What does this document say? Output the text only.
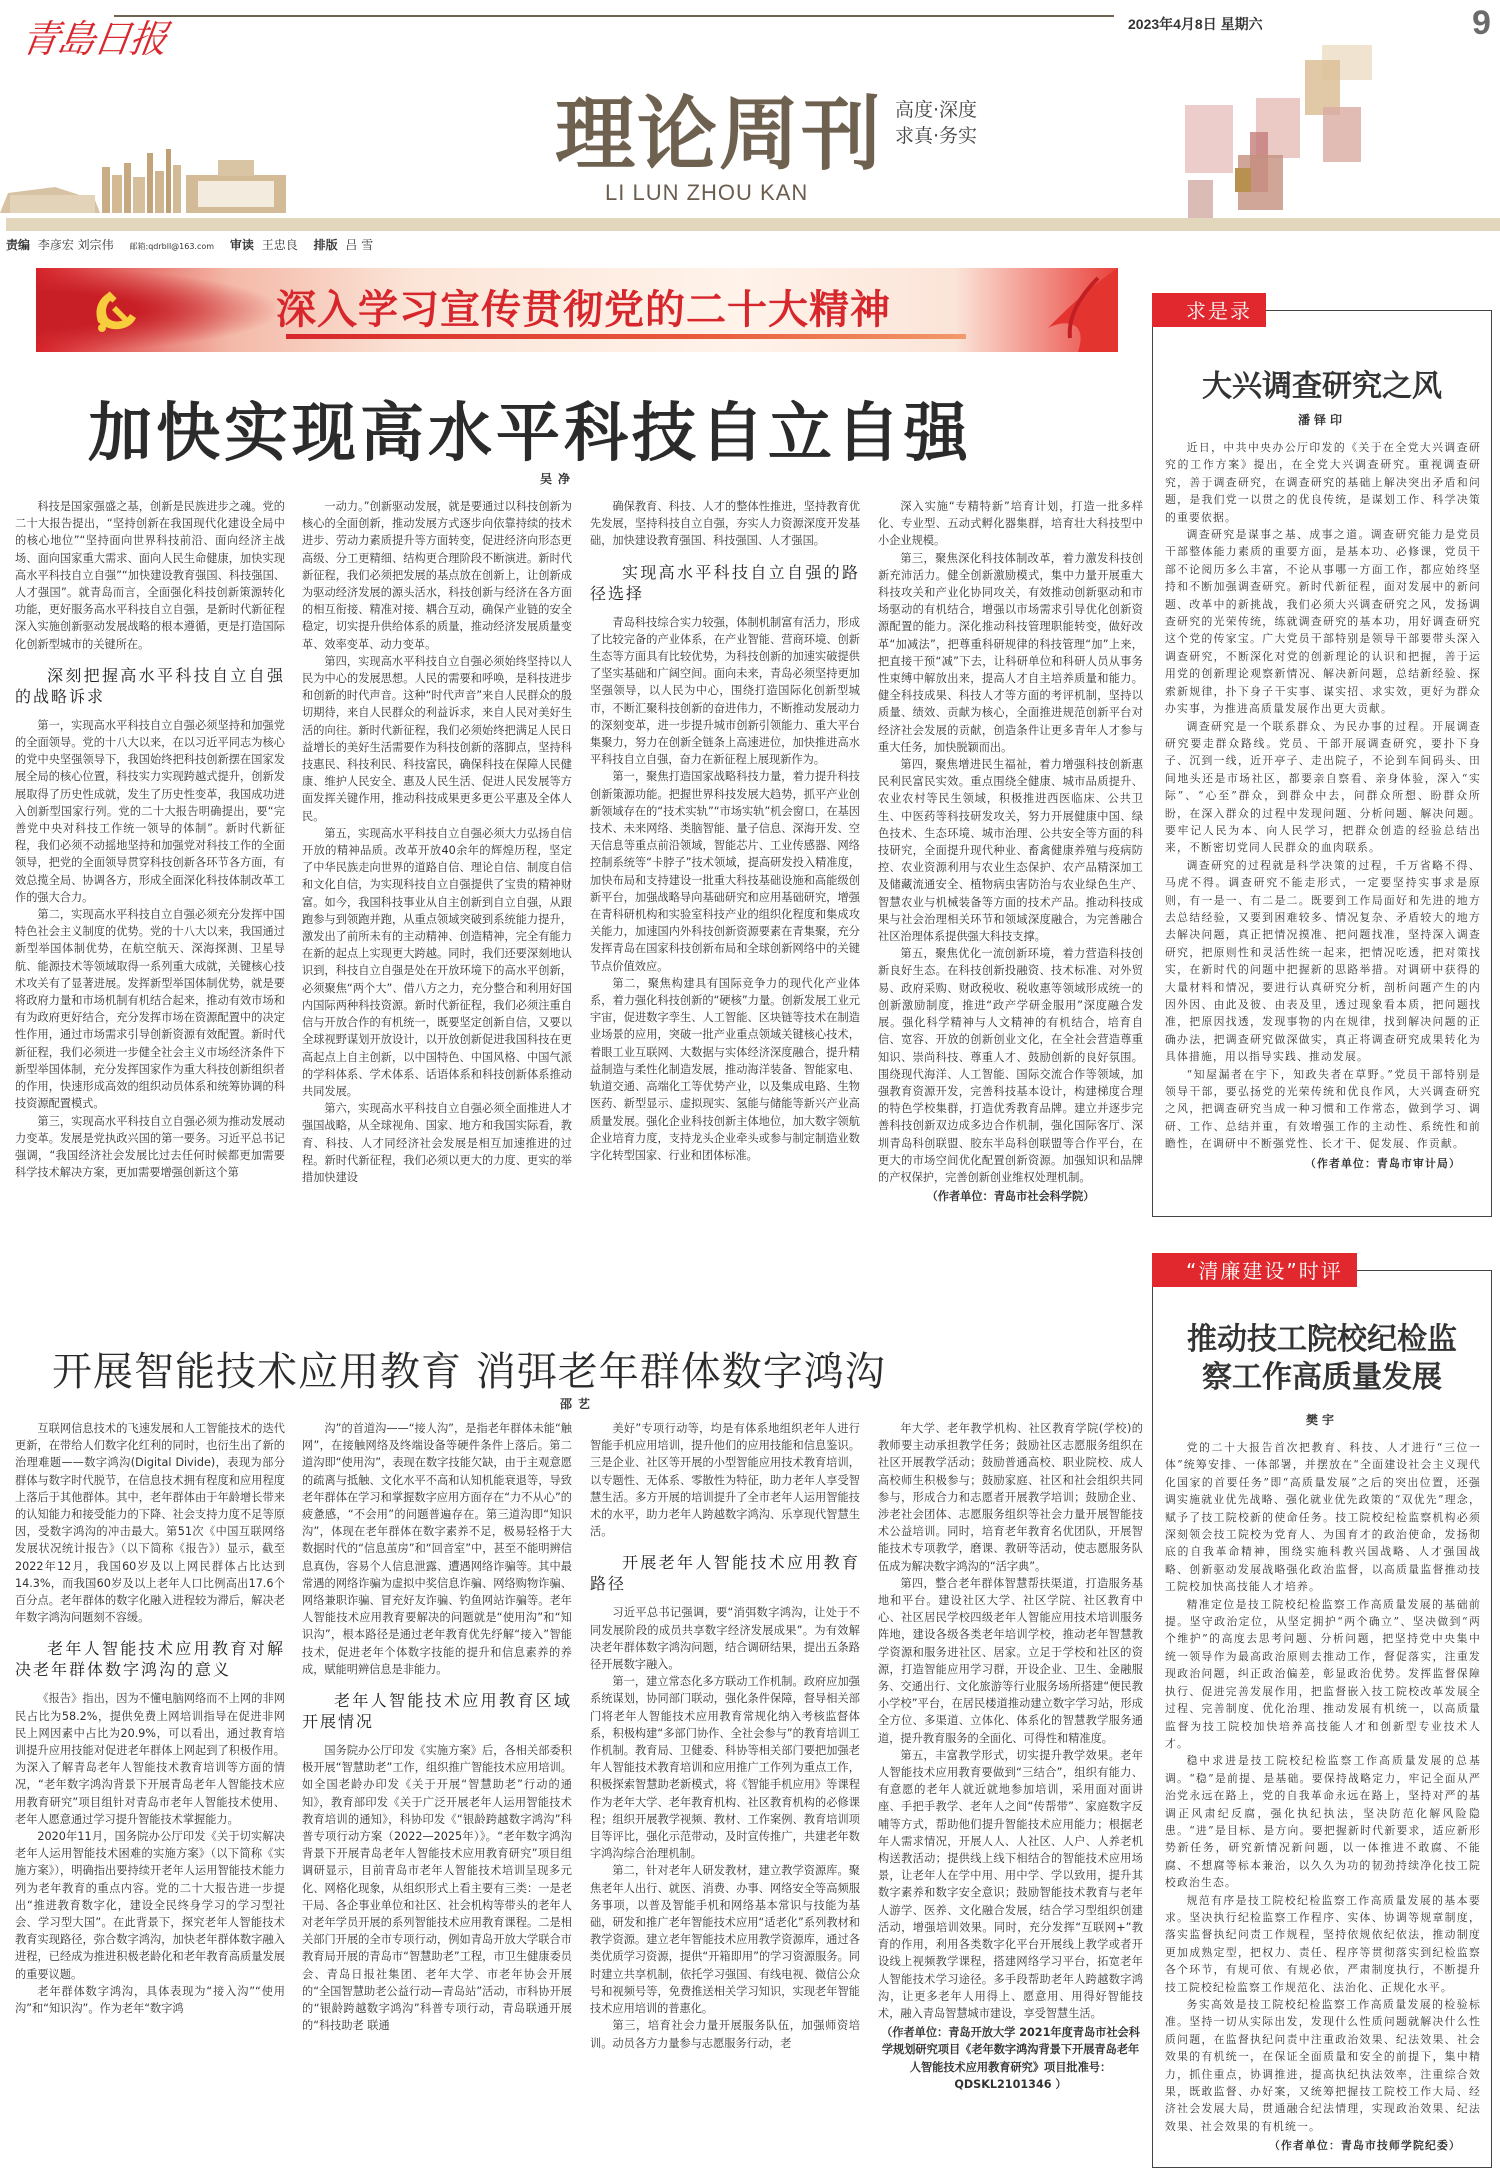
青島日报	2023年4月8日 星期六	9
理论周刊 高度·深度
求真·务实
LI LUN ZHOU KAN
责编 李彦宏 刘宗伟 邮箱:qdrbll@163.com 审读 王忠良 排版 吕 雪
深入学习宣传贯彻党的二十大精神
加快实现高水平科技自立自强
吴净

科技是国家强盛之基，创新是民族进步之魂。党的二十大报告提出，“坚持创新在我国现代化建设全局中的核心地位”“坚持面向世界科技前沿、面向经济主战场、面向国家重大需求、面向人民生命健康，加快实现高水平科技自立自强”“加快建设教育强国、科技强国、人才强国”。就青岛而言，全面强化科技创新策源转化功能，更好服务高水平科技自立自强，是新时代新征程深入实施创新驱动发展战略的根本遵循，更是打造国际化创新型城市的关键所在。

深刻把握高水平科技自立自强的战略诉求

第一，实现高水平科技自立自强必须坚持和加强党的全面领导。党的十八大以来，在以习近平同志为核心的党中央坚强领导下，我国始终把科技创新摆在国家发展全局的核心位置，科技实力实现跨越式提升，创新发展取得了历史性成就，发生了历史性变革，我国成功进入创新型国家行列。党的二十大报告明确提出，要“完善党中央对科技工作统一领导的体制”。新时代新征程，我们必须不动摇地坚持和加强党对科技工作的全面领导，把党的全面领导贯穿科技创新各环节各方面，有效总揽全局、协调各方，形成全面深化科技体制改革工作的强大合力。

第二，实现高水平科技自立自强必须充分发挥中国特色社会主义制度的优势。党的十八大以来，我国通过新型举国体制优势，在航空航天、深海探测、卫星导航、能源技术等领域取得一系列重大成就，关键核心技术攻关有了显著进展。发挥新型举国体制优势，就是要将政府力量和市场机制有机结合起来，推动有效市场和有为政府更好结合，充分发挥市场在资源配置中的决定性作用，通过市场需求引导创新资源有效配置。新时代新征程，我们必须进一步健全社会主义市场经济条件下新型举国体制，充分发挥国家作为重大科技创新组织者的作用，快速形成高效的组织动员体系和统筹协调的科技资源配置模式。

第三，实现高水平科技自立自强必须为推动发展动力变革。发展是党执政兴国的第一要务。习近平总书记强调，“我国经济社会发展比过去任何时候都更加需要科学技术解决方案，更加需要增强创新这个第

一动力。”创新驱动发展，就是要通过以科技创新为核心的全面创新，推动发展方式逐步向依靠持续的技术进步、劳动力素质提升等方面转变，促进经济向形态更高级、分工更精细、结构更合理阶段不断演进。新时代新征程，我们必须把发展的基点放在创新上，让创新成为驱动经济发展的源头活水，科技创新与经济在各方面的相互衔接、精准对接、耦合互动，确保产业链的安全稳定，切实提升供给体系的质量，推动经济发展质量变革、效率变革、动力变革。

第四，实现高水平科技自立自强必须始终坚持以人民为中心的发展思想。人民的需要和呼唤，是科技进步和创新的时代声音。这种“时代声音”来自人民群众的殷切期待，来自人民群众的利益诉求，来自人民对美好生活的向往。新时代新征程，我们必须始终把满足人民日益增长的美好生活需要作为科技创新的落脚点，坚持科技惠民、科技利民、科技富民，确保科技在保障人民健康、维护人民安全、惠及人民生活、促进人民发展等方面发挥关键作用，推动科技成果更多更公平惠及全体人民。

第五，实现高水平科技自立自强必须大力弘扬自信开放的精神品质。改革开放40余年的辉煌历程，坚定了中华民族走向世界的道路自信、理论自信、制度自信和文化自信，为实现科技自立自强提供了宝贵的精神财富。如今，我国科技事业从自主创新到自立自强，从跟跑参与到领跑并跑，从重点领域突破到系统能力提升，激发出了前所未有的主动精神、创造精神，完全有能力在新的起点上实现更大跨越。同时，我们还要深刻地认识到，科技自立自强是处在开放环境下的高水平创新，必须聚焦“两个大”、借八方之力，充分整合和利用好国内国际两种科技资源。新时代新征程，我们必须注重自信与开放合作的有机统一，既要坚定创新自信，又要以全球视野谋划开放设计，以开放创新促进我国科技在更高起点上自主创新，以中国特色、中国风格、中国气派的学科体系、学术体系、话语体系和科技创新体系推动共同发展。

第六，实现高水平科技自立自强必须全面推进人才强国战略，从全球视角、国家、地方和我国实际看，教育、科技、人才同经济社会发展是相互加速推进的过程。新时代新征程，我们必须以更大的力度、更实的举措加快建设

确保教育、科技、人才的整体性推进，坚持教育优先发展，坚持科技自立自强，夯实人力资源深度开发基础，加快建设教育强国、科技强国、人才强国。

实现高水平科技自立自强的路径选择

青岛科技综合实力较强，体制机制富有活力，形成了比较完备的产业体系，在产业智能、营商环境、创新生态等方面具有比较优势，为科技创新的加速实破提供了坚实基础和广阔空间。面向未来，青岛必须坚持更加坚强领导，以人民为中心，围绕打造国际化创新型城市，不断汇聚科技创新的奋进伟力，不断推动发展动力的深刻变革，进一步提升城市创新引领能力、重大平台集聚力，努力在创新全链条上高速进位，加快推进高水平科技自立自强，奋力在新征程上展现新作为。

第一，聚焦打造国家战略科技力量，着力提升科技创新策源功能。把握世界科技发展大趋势，抓平产业创新领域存在的“技术实轨”“市场实轨”机会窗口，在基因技术、未来网络、类脑智能、量子信息、深海开发、空天信息等重点前沿领域，智能芯片、工业传感器、网络控制系统等“卡脖子”技术领域，提高研发投入精准度，加快布局和支持建设一批重大科技基础设施和高能级创新平台，加强战略导向基础研究和应用基础研究，增强在青科研机构和实验室科技产业的组织化程度和集成攻关能力，加速国内外科技创新资源要素在青集聚，充分发挥青岛在国家科技创新布局和全球创新网络中的关键节点价值效应。

第二，聚焦构建具有国际竞争力的现代化产业体系，着力强化科技创新的“硬核”力量。创新发展工业元宇宙，促进数字孪生、人工智能、区块链等技术在制造业场景的应用，突破一批产业重点领域关键核心技术，着眼工业互联网、大数据与实体经济深度融合，提升精益制造与柔性化制造发展，推动海洋装备、智能家电、轨道交通、高端化工等优势产业，以及集成电路、生物医药、新型显示、虚拟现实、氢能与储能等新兴产业高质量发展。强化企业科技创新主体地位，加大数字领航企业培育力度，支持龙头企业牵头或参与制定制造业数字化转型国家、行业和团体标准。

深入实施“专精特新”培育计划，打造一批多样化、专业型、五动式孵化器集群，培育壮大科技型中小企业规模。

第三，聚焦深化科技体制改革，着力激发科技创新充沛活力。健全创新激励模式，集中力量开展重大科技攻关和产业化协同攻关，有效推动创新驱动和市场驱动的有机结合，增强以市场需求引导优化创新资源配置的能力。深化推动科技管理职能转变，做好改革“加减法”，把尊重科研规律的科技管理“加”上来，把直接干预“减”下去，让科研单位和科研人员从事务性束缚中解放出来，提高人才自主培养质量和能力。健全科技成果、科技人才等方面的考评机制，坚持以质量、绩效、贡献为核心，全面推进规范创新平台对经济社会发展的贡献，创造条件让更多青年人才参与重大任务，加快脱颖而出。

第四，聚焦增进民生福祉，着力增强科技创新惠民利民富民实效。重点围绕全健康、城市品质提升、农业农村等民生领域，积极推进西医临床、公共卫生、中医药等科技研发攻关，努力开展健康中国、绿色技术、生态环境、城市治理、公共安全等方面的科技研究，全面提升现代种业、畜禽健康养殖与疫病防控、农业资源利用与农业生态保护、农产品精深加工及储藏流通安全、植物病虫害防治与农业绿色生产、智慧农业与机械装备等方面的技术产品。推动科技成果与社会治理相关环节和领域深度融合，为完善融合社区治理体系提供强大科技支撑。

第五，聚焦优化一流创新环境，着力营造科技创新良好生态。在科技创新投融资、技术标准、对外贸易、政府采购、财政税收、税收惠等领域形成统一的创新激励制度，推进“政产学研金服用”深度融合发展。强化科学精神与人文精神的有机结合，培育自信、宽容、开放的创新创业文化，在全社会营造尊重知识、崇尚科技、尊重人才、鼓励创新的良好氛围。围绕现代海洋、人工智能、国际交流合作等领域，加强教育资源开发，完善科技基本设计，构建梯度合理的特色学校集群，打造优秀教育品牌。建立并逐步完善科技创新双边成多边合作机制，强化国际客厅、深圳青岛科创联盟、胶东半岛科创联盟等合作平台，在更大的市场空间优化配置创新资源。加强知识和品牌的产权保护，完善创新创业维权处理机制。

（作者单位：青岛市社会科学院）

开展智能技术应用教育 消弭老年群体数字鸿沟
邵艺

互联网信息技术的飞速发展和人工智能技术的迭代更新，在带给人们数字化红利的同时，也衍生出了新的治理难题——数字鸿沟(Digital Divide)，表现为部分群体与数字时代脱节，在信息技术拥有程度和应用程度上落后于其他群体。其中，老年群体由于年龄增长带来的认知能力和接受能力的下降、社会支持力度不足等原因，受数字鸿沟的冲击最大。第51次《中国互联网络发展状况统计报告》（以下简称《报告》）显示，截至2022年12月，我国60岁及以上网民群体占比达到14.3%，而我国60岁及以上老年人口比例高出17.6个百分点。老年群体的数字化融入进程较为滞后，解决老年数字鸿沟问题刻不容缓。

老年人智能技术应用教育对解决老年群体数字鸿沟的意义

《报告》指出，因为不懂电脑网络而不上网的非网民占比为58.2%，提供免费上网培训指导在促进非网民上网因素中占比为20.9%，可以看出，通过教育培训提升应用技能对促进老年群体上网起到了积极作用。为深入了解青岛老年人智能技术教育培训等方面的情况，“老年数字鸿沟背景下开展青岛老年人智能技术应用教育研究”项目组针对青岛市老年人智能技术使用、老年人愿意通过学习提升智能技术掌握能力。

2020年11月，国务院办公厅印发《关于切实解决老年人运用智能技术困难的实施方案》（以下简称《实施方案》），明确指出要持续开老年人运用智能技术能力列为老年教育的重点内容。党的二十大报告进一步提出“推进教育数字化，建设全民终身学习的学习型社会、学习型大国”。在此背景下，探究老年人智能技术教育实现路径，弥合数字鸿沟，加快老年群体数字融入进程，已经成为推进积极老龄化和老年教育高质量发展的重要议题。

老年群体数字鸿沟，具体表现为“接入沟”“使用沟”和“知识沟”。作为老年“数字鸿

沟”的首道沟——“接人沟”，是指老年群体未能“触网”，在接触网络及终端设备等硬件条件上落后。第二道沟即“使用沟”，表现在数字技能欠缺，由于主观意愿的疏离与抵触、文化水平不高和认知机能衰退等，导致老年群体在学习和掌握数字应用方面存在“力不从心”的疲惫感，“不会用”的问题普遍存在。第三道沟即“知识沟”，体现在老年群体在数字素养不足，极易轻格于大数据时代的“信息茧房”和“回音室”中，甚至不能明辨信息真伪，容易个人信息泄露、遭遇网络诈骗等。其中最常遇的网络诈骗为虚拟中奖信息诈骗、网络购物诈骗、网络兼职诈骗、冒充好友诈骗、钓鱼网站诈骗等。老年人智能技术应用教育要解决的问题就是“使用沟”和“知识沟”，根本路径是通过老年教育优先纾解“接入”智能技术，促进老年个体数字技能的提升和信息素养的养成，赋能明辨信息是非能力。

老年人智能技术应用教育区域开展情况

国务院办公厅印发《实施方案》后，各相关部委积极开展“智慧助老”工作，组织推广智能技术应用培训。如全国老龄办印发《关于开展“智慧助老”行动的通知》，教育部印发《关于广泛开展老年人运用智能技术教育培训的通知》，科协印发《“银龄跨越数字鸿沟”科普专项行动方案（2022—2025年）》。“老年数字鸿沟背景下开展青岛老年人智能技术应用教育研究”项目组调研显示，目前青岛市老年人智能技术培训呈现多元化、网格化现象，从组织形式上看主要有三类：一是老干局、各企事业单位和社区、社会机构等带头的老年人对老年学员开展的系列智能技术应用教育课程。二是相关部门开展的全市专项行动，例如青岛开放大学联合市教育局开展的青岛市“智慧助老”工程，市卫生健康委员会、青岛日报社集团、老年大学、市老年协会开展的“全国智慧助老公益行动—青岛站”活动，市科协开展的“银龄跨越数字鸿沟”科普专项行动，青岛联通开展的“科技助老 联通

美好”专项行动等，均是有体系地组织老年人进行智能手机应用培训，提升他们的应用技能和信息鉴识。三是企业、社区等开展的小型智能应用技术教育培训，以专题性、无体系、零散性为特征，助力老年人享受智慧生活。多方开展的培训提升了全市老年人运用智能技术的水平，助力老年人跨越数字鸿沟、乐享现代智慧生活。

开展老年人智能技术应用教育路径

习近平总书记强调，要“消弭数字鸿沟，让处于不同发展阶段的成员共享数字经济发展成果”。为有效解决老年群体数字鸿沟问题，结合调研结果，提出五条路径开展数字融入。

第一，建立常态化多方联动工作机制。政府应加强系统谋划，协同部门联动，强化条件保障，督导相关部门将老年人智能技术应用教育常规化纳入考核监督体系，积极构建“多部门协作、全社会参与”的教育培训工作机制。教育局、卫健委、科协等相关部门要把加强老年人智能技术教育培训和应用推广工作列为重点工作，积极探索智慧助老新模式，将《智能手机应用》等课程作为老年大学、老年教育机构、社区教育机构的必修课程；组织开展教学视频、教材、工作案例、教育培训项目等评比，强化示范带动，及时宣传推广，共建老年数字鸿沟综合治理机制。

第二，针对老年人研发教材，建立教学资源库。聚焦老年人出行、就医、消费、办事、网络安全等高频服务事项，以普及智能手机和网络基本常识与技能为基础，研发和推广老年智能技术应用“适老化”系列教材和教学资源。建立老年智能技术应用教学资源库，通过各类优质学习资源，提供“开箱即用”的学习资源服务。同时建立共享机制，依托学习强国、有线电视、微信公众号和视频号等，免费推送相关学习知识，实现老年智能技术应用培训的普惠化。

第三，培育社会力量开展服务队伍，加强师资培训。动员各方力量参与志愿服务行动，老

年大学、老年教学机构、社区教育学院(学校)的教师要主动承担教学任务；鼓励社区志愿服务组织在社区开展教学活动；鼓励普通高校、职业院校、成人高校师生积极参与；鼓励家庭、社区和社会组织共同参与，形成合力和志愿者开展教学培训；鼓励企业、涉老社会团体、志愿服务组织等社会力量开展智能技术公益培训。同时，培育老年教育名优团队，开展智能技术专项教学，磨课、教研等活动，使志愿服务队伍成为解决数字鸿沟的“活字典”。

第四，整合老年群体智慧帮扶渠道，打造服务基地和平台。建设社区大学、社区学院、社区教育中心、社区居民学校四级老年人智能应用技术培训服务阵地，建设各级各类老年培训学校，推动老年智慧教学资源和服务进社区、居家。立足于学校和社区的资源，打造智能应用学习群，开设企业、卫生、金融服务、交通出行、文化旅游等行业服务场所搭建“便民教小学校”平台，在居民楼道推动建立数字学习站，形成全方位、多渠道、立体化、体系化的智慧教学服务通道，提升教育服务的全面化、可得性和精准度。

第五，丰富教学形式，切实提升教学效果。老年人智能技术应用教育要做到“三结合”，组织有能力、有意愿的老年人就近就地参加培训，采用面对面讲座、手把手教学、老年人之间“传帮带”、家庭数字反哺等方式，帮助他们提升智能技术应用能力；根据老年人需求情况，开展人人、人社区、人户、人养老机构送教活动；提供线上线下相结合的智能技术应用场景，让老年人在学中用、用中学、学以致用，提升其数字素养和数字安全意识；鼓励智能技术教育与老年人游学、医养、文化融合发展，结合学习型组织创建活动，增强培训效果。同时，充分发挥“互联网+”教育的作用，利用各类数字化平台开展线上教学或者开设线上视频教学课程，搭建网络学习平台，拓宽老年人智能技术学习途径。多手段帮助老年人跨越数字鸿沟，让更多老年人用得上、愿意用、用得好智能技术，融入青岛智慧城市建设，享受智慧生活。

（作者单位：青岛开放大学 2021年度青岛市社会科学规划研究项目《老年数字鸿沟背景下开展青岛老年人智能技术应用教育研究》项目批准号：QDSKL2101346 ）

求是录
大兴调查研究之风
潘铎印

近日，中共中央办公厅印发的《关于在全党大兴调查研究的工作方案》提出，在全党大兴调查研究。重视调查研究，善于调查研究，在调查研究的基础上解决突出矛盾和问题，是我们党一以贯之的优良传统，是谋划工作、科学决策的重要依据。

调查研究是谋事之基、成事之道。调查研究能力是党员干部整体能力素质的重要方面，是基本功、必修课，党员干部不论阅历多么丰富，不论从事哪一方面工作，都应始终坚持和不断加强调查研究。新时代新征程，面对发展中的新问题、改革中的新挑战，我们必须大兴调查研究之风，发扬调查研究的光荣传统，练就调查研究的基本功，用好调查研究这个党的传家宝。广大党员干部特别是领导干部要带头深入调查研究，不断深化对党的创新理论的认识和把握，善于运用党的创新理论观察新情况、解决新问题，总结新经验、探索新规律，扑下身子干实事、谋实招、求实效，更好为群众办实事，为推进高质量发展作出更大贡献。

调查研究是一个联系群众、为民办事的过程。开展调查研究要走群众路线。党员、干部开展调查研究，要扑下身子、沉到一线，近开亭子、走出院子，不论到车间码头、田间地头还是市场社区，都要亲自察看、亲身体验，深入“实际”、“心至”群众，到群众中去，问群众所想、盼群众所盼，在深入群众的过程中发现问题、分析问题、解决问题。要牢记人民为本、向人民学习，把群众创造的经验总结出来，不断密切党同人民群众的血肉联系。

调查研究的过程就是科学决策的过程，千万省略不得、马虎不得。调查研究不能走形式，一定要坚持实事求是原则，有一是一、有二是二。既要到工作局面好和先进的地方去总结经验，又要到困难较多、情况复杂、矛盾较大的地方去解决问题，真正把情况摸准、把问题找准，坚持深入调查研究，把原则性和灵活性统一起来，把情况吃透，把对策找实，在新时代的问题中把握新的思路举措。对调研中获得的大量材料和情况，要进行认真研究分析，剖析问题产生的内因外因、由此及彼、由表及里，透过现象看本质，把问题找准，把原因找透，发现事物的内在规律，找到解决问题的正确办法，把调查研究做深做实，真正将调查研究成果转化为具体措施，用以指导实践、推动发展。

“知屋漏者在宇下，知政失者在草野。”党员干部特别是领导干部，要弘扬党的光荣传统和优良作风，大兴调查研究之风，把调查研究当成一种习惯和工作常态，做到学习、调研、工作、总结并重，有效增强工作的主动性、系统性和前瞻性，在调研中不断强党性、长才干、促发展、作贡献。

（作者单位：青岛市审计局）

“清廉建设”时评
推动技工院校纪检监察工作高质量发展
樊宇

党的二十大报告首次把教育、科技、人才进行“三位一体”统筹安排、一体部署，并摆放在“全面建设社会主义现代化国家的首要任务”即“高质量发展”之后的突出位置，还强调实施就业优先战略、强化就业优先政策的“双优先”理念，赋予了技工院校新的使命任务。技工院校纪检监察机构必须深刻领会技工院校为党育人、为国育才的政治使命，发扬彻底的自我革命精神，围绕实施科教兴国战略、人才强国战略、创新驱动发展战略强化政治监督，以高质量监督推动技工院校加快高技能人才培养。

精准定位是技工院校纪检监察工作高质量发展的基础前提。坚守政治定位，从坚定拥护“两个确立”、坚决做到“两个维护”的高度去思考问题、分析问题，把坚持党中央集中统一领导作为最高政治原则去推动工作，督促落实，注重发现政治问题，纠正政治偏差，彰显政治优势。发挥监督保障执行、促进完善发展作用，把监督嵌入技工院校改革发展全过程、完善制度、优化治理、推动发展有机统一，以高质量监督为技工院校加快培养高技能人才和创新型专业技术人才。

稳中求进是技工院校纪检监察工作高质量发展的总基调。“稳”是前提、是基础。要保持战略定力，牢记全面从严治党永远在路上，党的自我革命永远在路上，坚持对严的基调正风肃纪反腐，强化执纪执法，坚决防范化解风险隐患。“进”是目标、是方向。要把握新时代新要求，适应新形势新任务，研究新情况新问题，以一体推进不敢腐、不能腐、不想腐等标本兼治，以久久为功的韧劲持续净化技工院校政治生态。

规范有序是技工院校纪检监察工作高质量发展的基本要求。坚决执行纪检监察工作程序、实体、协调等规章制度，落实监督执纪问责工作规程，坚持依规依纪依法，推动制度更加成熟定型，把权力、责任、程序等贯彻落实到纪检监察各个环节，有规可依、有规必依，严肃制度执行，不断提升技工院校纪检监察工作规范化、法治化、正规化水平。

务实高效是技工院校纪检监察工作高质量发展的检验标准。坚持一切从实际出发，发现什么性质问题就解决什么性质问题，在监督执纪问责中注重政治效果、纪法效果、社会效果的有机统一，在保证全面质量和安全的前提下，集中精力，抓住重点，协调推进，提高执纪执法效率，注重综合效果，既敢监督、办好案，又统筹把握技工院校工作大局、经济社会发展大局，贯通融合纪法情理，实现政治效果、纪法效果、社会效果的有机统一。

（作者单位：青岛市技师学院纪委）
